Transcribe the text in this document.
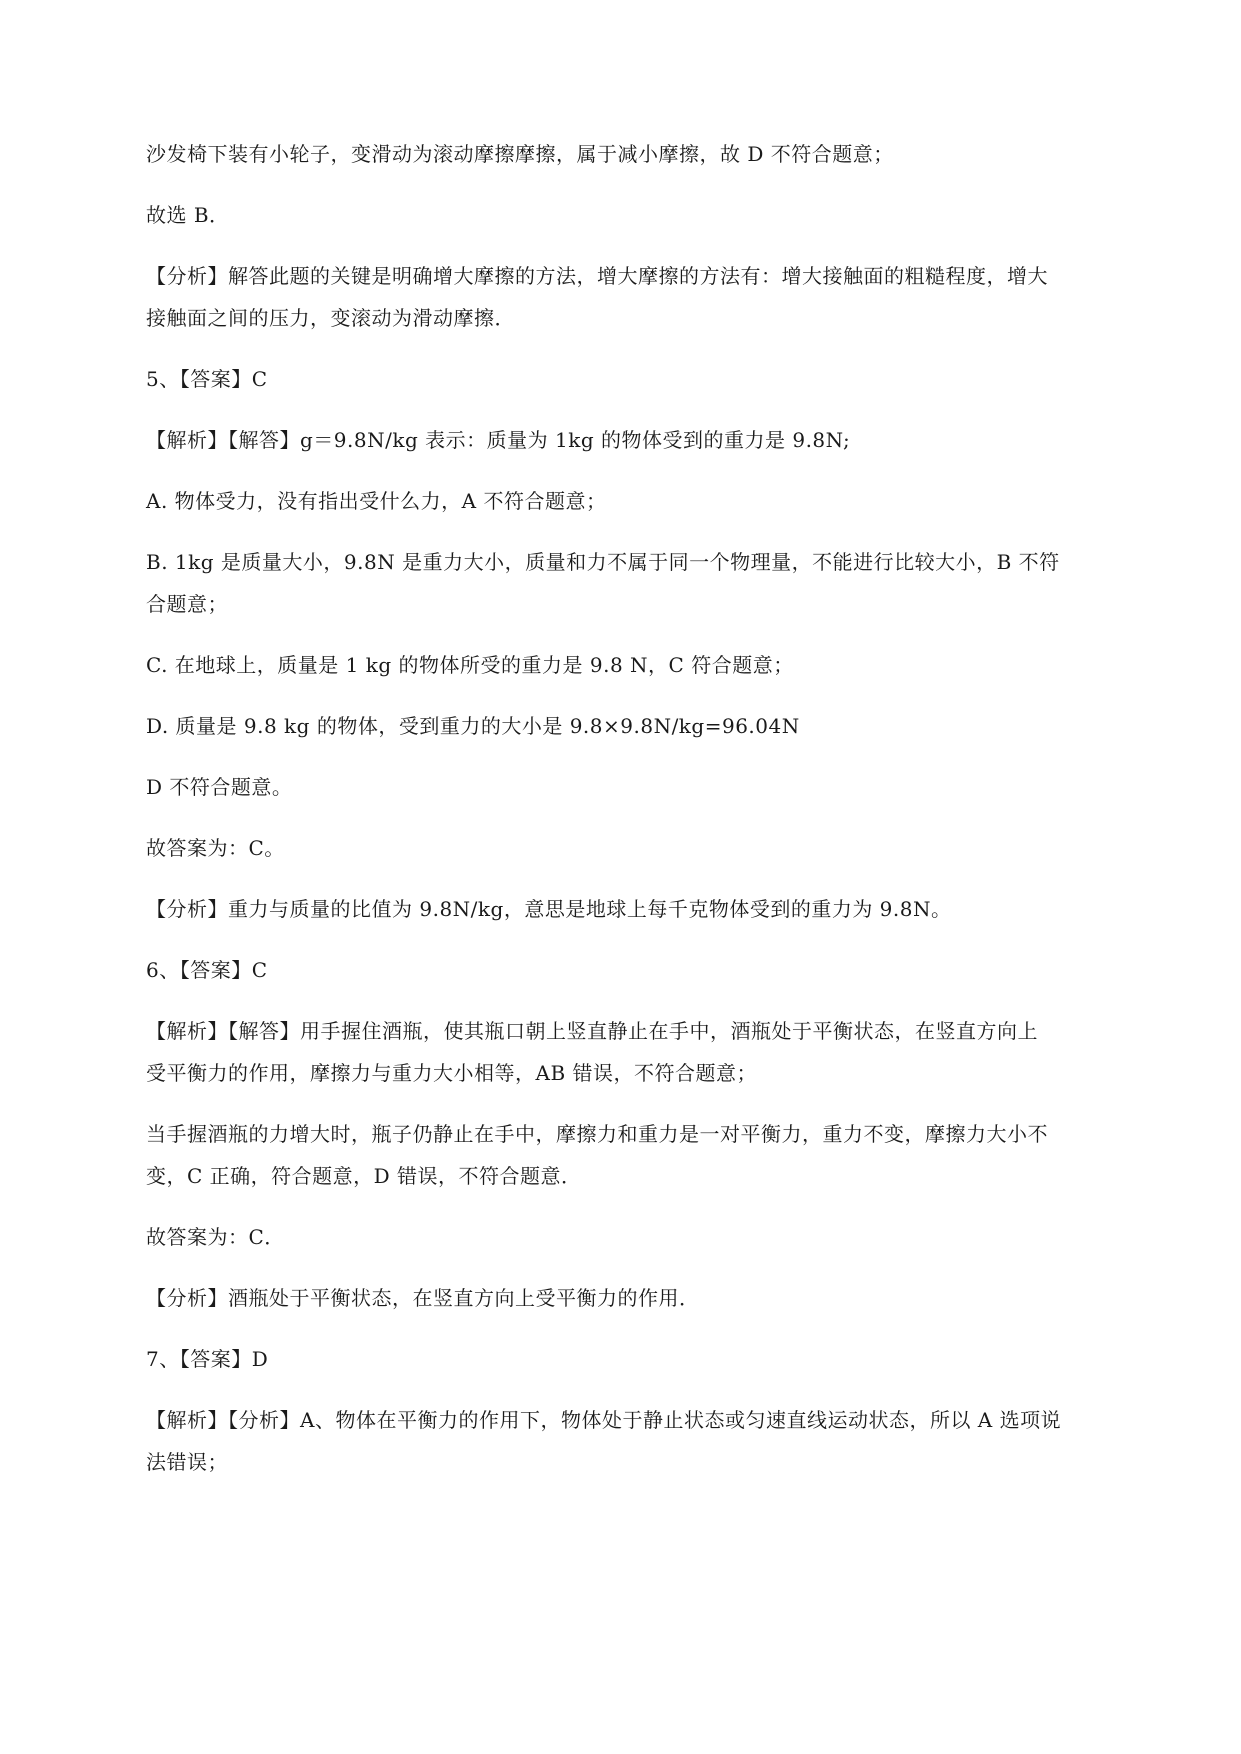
沙发椅下装有小轮子，变滑动为滚动摩擦摩擦，属于减小摩擦，故 D 不符合题意；
故选 B．
【分析】解答此题的关键是明确增大摩擦的方法，增大摩擦的方法有：增大接触面的粗糙程度，增大
接触面之间的压力，变滚动为滑动摩擦．
5、【答案】C
【解析】【解答】g＝9.8N/kg 表示：质量为 1kg 的物体受到的重力是 9.8N;
A. 物体受力，没有指出受什么力，A 不符合题意；
B. 1kg 是质量大小，9.8N 是重力大小，质量和力不属于同一个物理量，不能进行比较大小，B 不符
合题意；
C. 在地球上，质量是 1 kg 的物体所受的重力是 9.8 N，C 符合题意；
D. 质量是 9.8 kg 的物体，受到重力的大小是 9.8×9.8N/kg=96.04N
D 不符合题意。
故答案为：C。
【分析】重力与质量的比值为 9.8N/kg，意思是地球上每千克物体受到的重力为 9.8N。
6、【答案】C
【解析】【解答】用手握住酒瓶，使其瓶口朝上竖直静止在手中，酒瓶处于平衡状态，在竖直方向上
受平衡力的作用，摩擦力与重力大小相等，AB 错误，不符合题意；
当手握酒瓶的力增大时，瓶子仍静止在手中，摩擦力和重力是一对平衡力，重力不变，摩擦力大小不
变，C 正确，符合题意，D 错误，不符合题意．
故答案为：C．
【分析】酒瓶处于平衡状态，在竖直方向上受平衡力的作用．
7、【答案】D
【解析】【分析】A、物体在平衡力的作用下，物体处于静止状态或匀速直线运动状态，所以 A 选项说
法错误；
